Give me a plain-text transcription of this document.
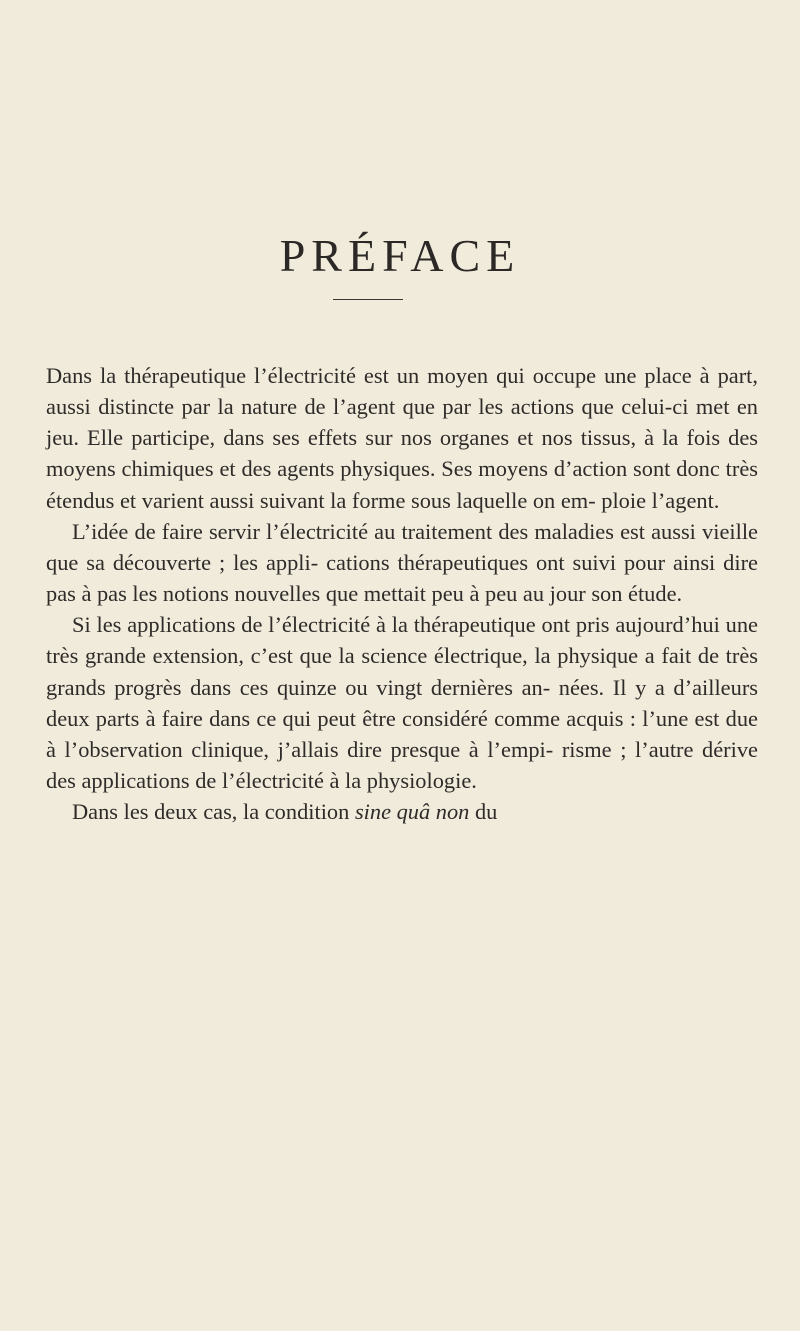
PRÉFACE

Dans la thérapeutique l’électricité est un moyen qui occupe une place à part, aussi distincte par la nature de l’agent que par les actions que celui-ci met en jeu. Elle participe, dans ses effets sur nos organes et nos tissus, à la fois des moyens chimiques et des agents physiques. Ses moyens d’action sont donc très étendus et varient aussi suivant la forme sous laquelle on em- ploie l’agent.

L’idée de faire servir l’électricité au traitement des maladies est aussi vieille que sa découverte ; les appli- cations thérapeutiques ont suivi pour ainsi dire pas à pas les notions nouvelles que mettait peu à peu au jour son étude.

Si les applications de l’électricité à la thérapeutique ont pris aujourd’hui une très grande extension, c’est que la science électrique, la physique a fait de très grands progrès dans ces quinze ou vingt dernières an- nées. Il y a d’ailleurs deux parts à faire dans ce qui peut être considéré comme acquis : l’une est due à l’observation clinique, j’allais dire presque à l’empi- risme ; l’autre dérive des applications de l’électricité à la physiologie.

Dans les deux cas, la condition sine quâ non du
